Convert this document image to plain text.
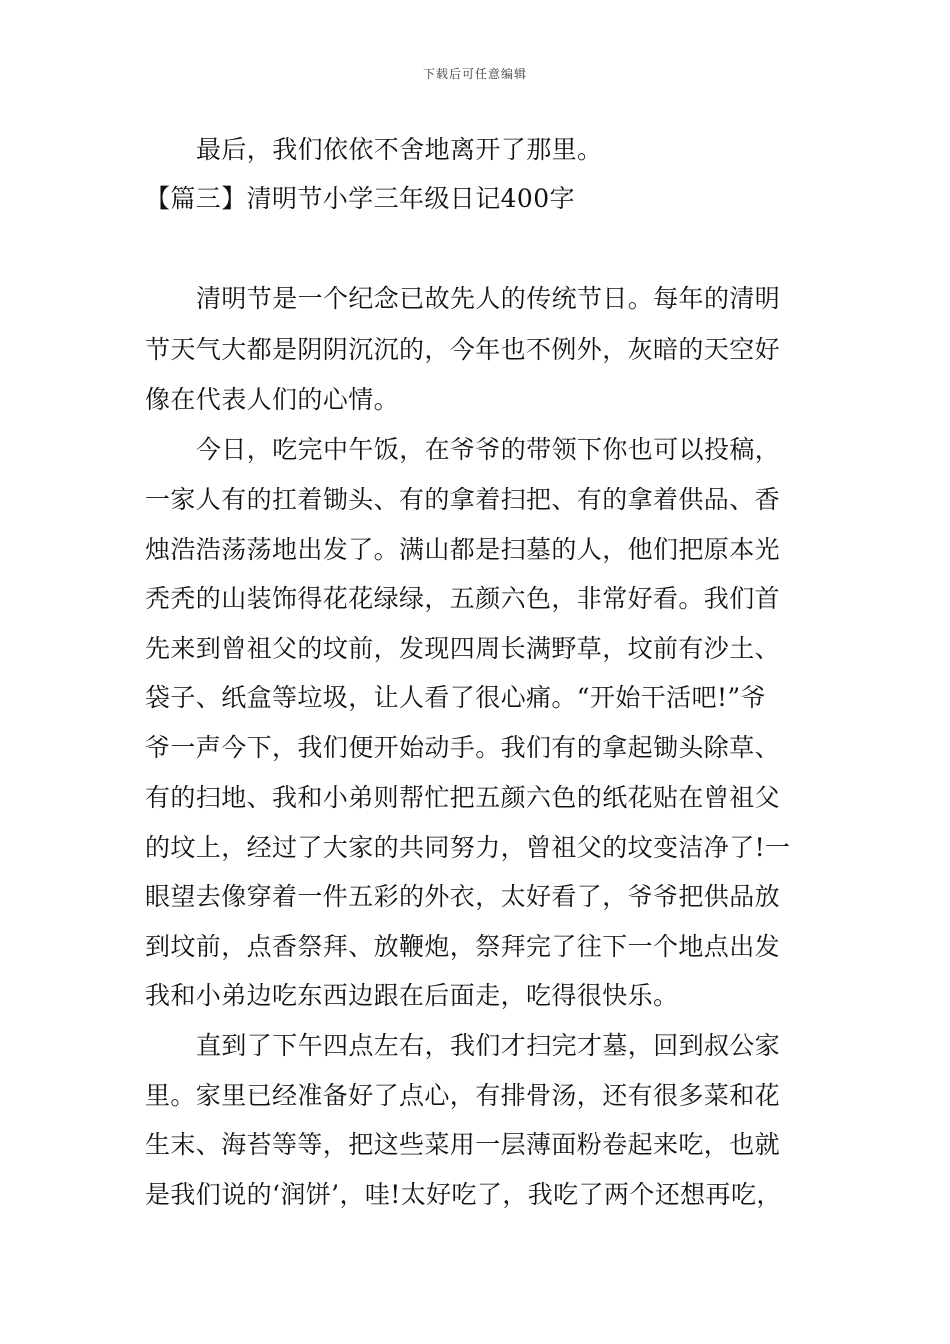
下载后可任意编辑
最后，我们依依不舍地离开了那里。
【篇三】清明节小学三年级日记400字
清明节是一个纪念已故先人的传统节日。每年的清明
节天气大都是阴阴沉沉的，今年也不例外，灰暗的天空好
像在代表人们的心情。
今日，吃完中午饭，在爷爷的带领下你也可以投稿，
一家人有的扛着锄头、有的拿着扫把、有的拿着供品、香
烛浩浩荡荡地出发了。满山都是扫墓的人，他们把原本光
秃秃的山装饰得花花绿绿，五颜六色，非常好看。我们首
先来到曾祖父的坟前，发现四周长满野草，坟前有沙土、
袋子、纸盒等垃圾，让人看了很心痛。“开始干活吧!”爷
爷一声今下，我们便开始动手。我们有的拿起锄头除草、
有的扫地、我和小弟则帮忙把五颜六色的纸花贴在曾祖父
的坟上，经过了大家的共同努力，曾祖父的坟变洁净了!一
眼望去像穿着一件五彩的外衣，太好看了，爷爷把供品放
到坟前，点香祭拜、放鞭炮，祭拜完了往下一个地点出发
我和小弟边吃东西边跟在后面走，吃得很快乐。
直到了下午四点左右，我们才扫完才墓，回到叔公家
里。家里已经准备好了点心，有排骨汤，还有很多菜和花
生末、海苔等等，把这些菜用一层薄面粉卷起来吃，也就
是我们说的‘润饼’，哇!太好吃了，我吃了两个还想再吃，
